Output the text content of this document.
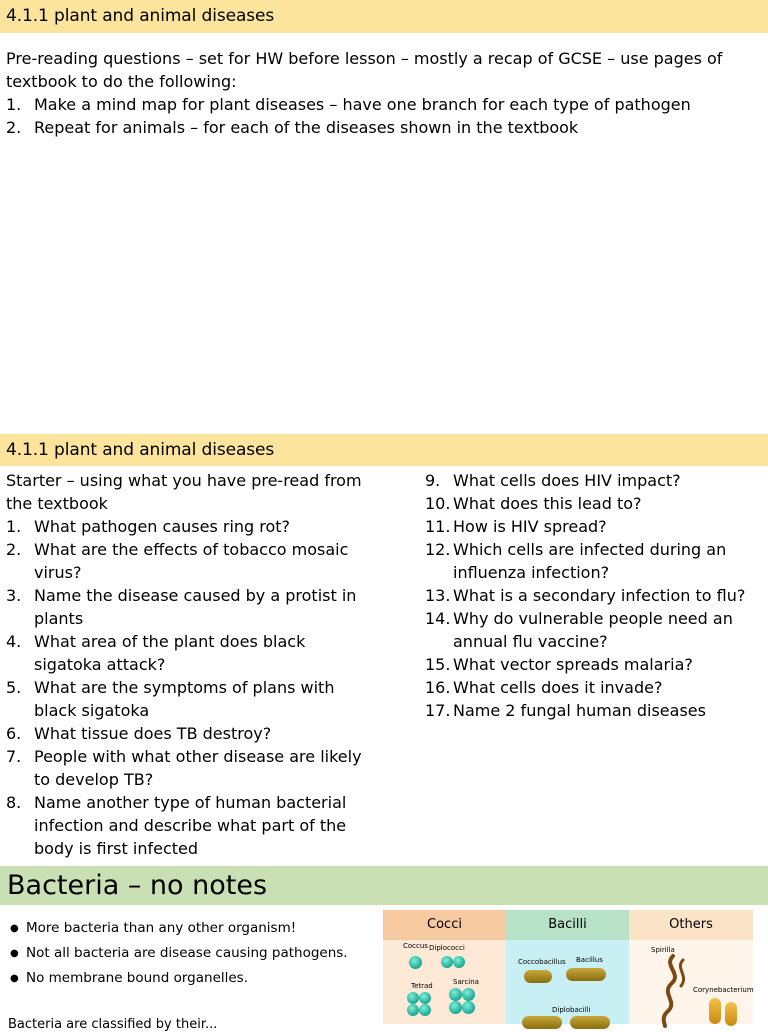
4.1.1 plant and animal diseases

Pre-reading questions – set for HW before lesson – mostly a recap of GCSE – use pages of textbook to do the following:

1. Make a mind map for plant diseases – have one branch for each type of pathogen
2. Repeat for animals – for each of the diseases shown in the textbook
4.1.1 plant and animal diseases

Starter – using what you have pre-read from the textbook

1. What pathogen causes ring rot?
2. What are the effects of tobacco mosaic virus?
3. Name the disease caused by a protist in plants
4. What area of the plant does black sigatoka attack?
5. What are the symptoms of plans with black sigatoka
6. What tissue does TB destroy?
7. People with what other disease are likely to develop TB?
8. Name another type of human bacterial infection and describe what part of the body is first infected
9. What cells does HIV impact?
10. What does this lead to?
11. How is HIV spread?
12. Which cells are infected during an influenza infection?
13. What is a secondary infection to flu?
14. Why do vulnerable people need an annual flu vaccine?
15. What vector spreads malaria?
16. What cells does it invade?
17. Name 2 fungal human diseases
Bacteria – no notes
● More bacteria than any other organism!
● Not all bacteria are disease causing pathogens.
● No membrane bound organelles.
Bacteria are classified by their...
Cocci
Coccus Diplococci
Tetrad	Sarcina
Bacilli
Coccobacillus Bacillus
Diplobacilli
Others
Spirilla
Corynebacterium
